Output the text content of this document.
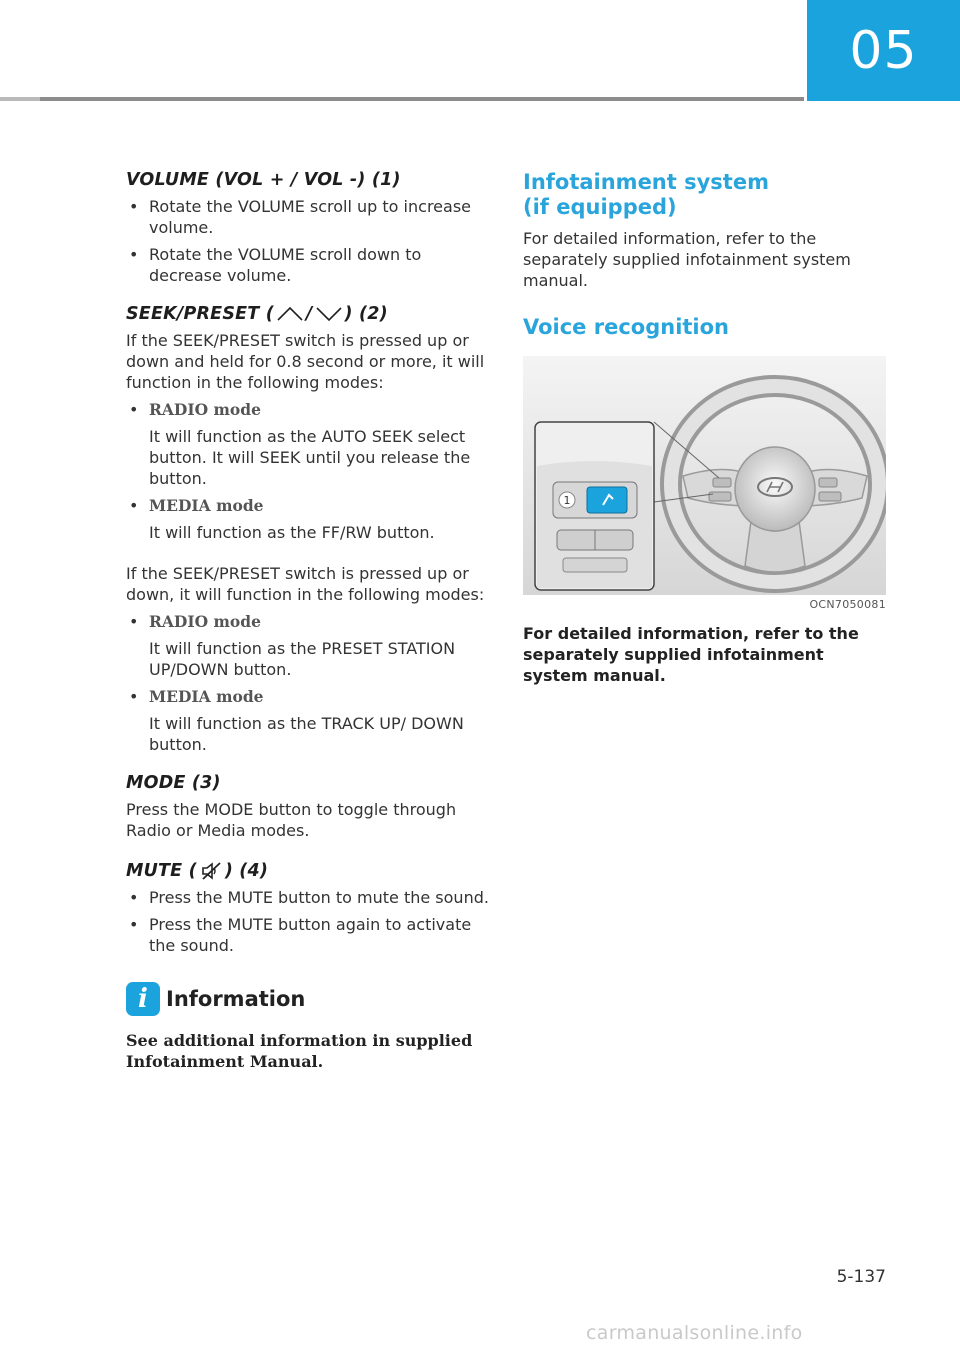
05
VOLUME (VOL + / VOL -) (1)
• Rotate the VOLUME scroll up to increase volume.
• Rotate the VOLUME scroll down to decrease volume.
SEEK/PRESET ( / ) (2)

If the SEEK/PRESET switch is pressed up or down and held for 0.8 second or more, it will function in the following modes:

• RADIO mode

It will function as the AUTO SEEK select button. It will SEEK until you release the button.

• MEDIA mode

It will function as the FF/RW button.

If the SEEK/PRESET switch is pressed up or down, it will function in the following modes:

• RADIO mode

It will function as the PRESET STATION UP/DOWN button.

• MEDIA mode

It will function as the TRACK UP/ DOWN button.

MODE (3)

Press the MODE button to toggle through Radio or Media modes.

MUTE ( ) (4)
• Press the MUTE button to mute the sound.
• Press the MUTE button again to activate the sound.
i Information

See additional information in supplied Infotainment Manual.

Infotainment system
(if equipped)

For detailed information, refer to the separately supplied infotainment system manual.

Voice recognition
1
OCN7050081

For detailed information, refer to the separately supplied infotainment system manual.

5-137
carmanualsonline.info
